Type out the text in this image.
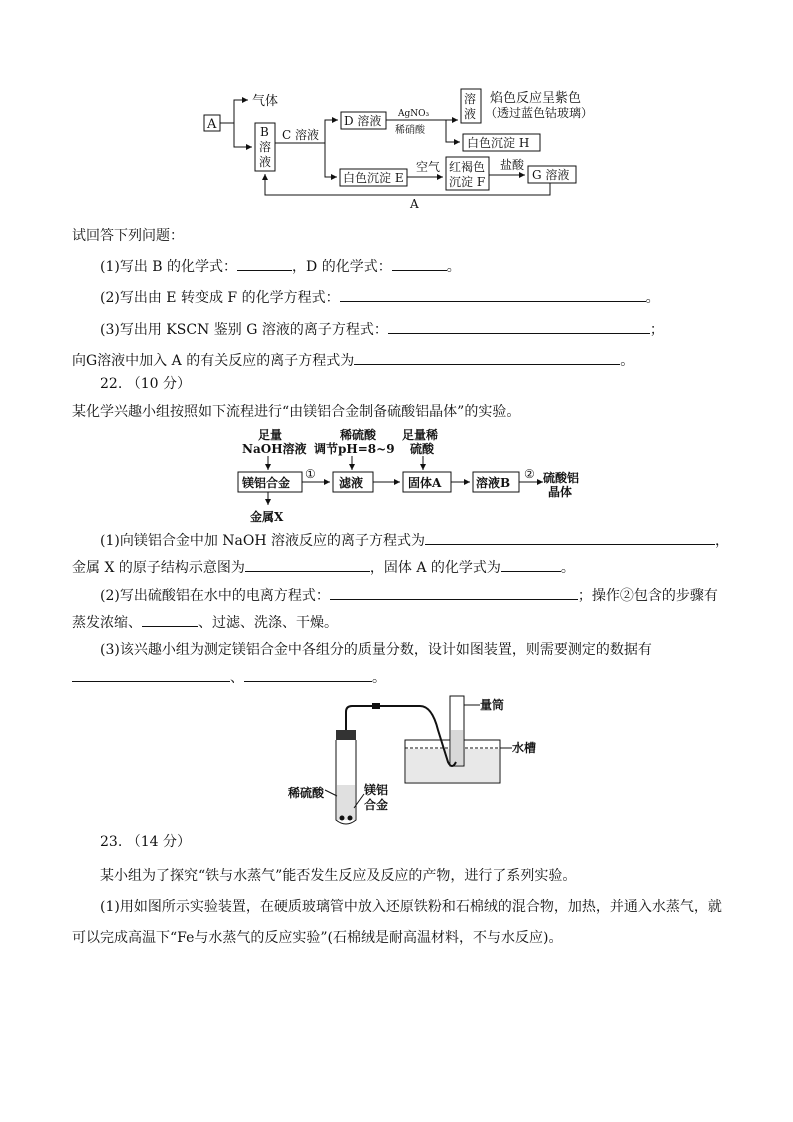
A
气体
B
溶
液
C 溶液
D 溶液 AgNO₃
稀硝酸
溶
液
焰色反应呈紫色
（透过蓝色钴玻璃）
白色沉淀 H
白色沉淀 E
空气 红褐色
沉淀 F
盐酸
G 溶液
A
试回答下列问题：
(1)写出 B 的化学式：	，D 的化学式：	。
(2)写出由 E 转变成 F 的化学方程式：	。
(3)写出用 KSCN 鉴别 G 溶液的离子方程式：	；
向G溶液中加入 A 的有关反应的离子方程式为	。
22. （10 分）
某化学兴趣小组按照如下流程进行“由镁铝合金制备硫酸铝晶体”的实验。
足量
NaOH溶液
稀硫酸
调节pH=8~9
足量稀
硫酸
镁铝合金
①
滤液	固体A	溶液B
② 硫酸铝
晶体
金属X
(1)向镁铝合金中加 NaOH 溶液反应的离子方程式为	，
金属 X 的原子结构示意图为	，固体 A 的化学式为	。
(2)写出硫酸铝在水中的电离方程式：	；操作②包含的步骤有
蒸发浓缩、	、过滤、洗涤、干燥。
(3)该兴趣小组为测定镁铝合金中各组分的质量分数，设计如图装置，则需要测定的数据有
、	。
量筒
水槽
稀硫酸	镁铝
合金
23. （14 分）
某小组为了探究“铁与水蒸气”能否发生反应及反应的产物，进行了系列实验。
(1)用如图所示实验装置，在硬质玻璃管中放入还原铁粉和石棉绒的混合物，加热，并通入水蒸气，就
可以完成高温下“Fe与水蒸气的反应实验”(石棉绒是耐高温材料，不与水反应)。
